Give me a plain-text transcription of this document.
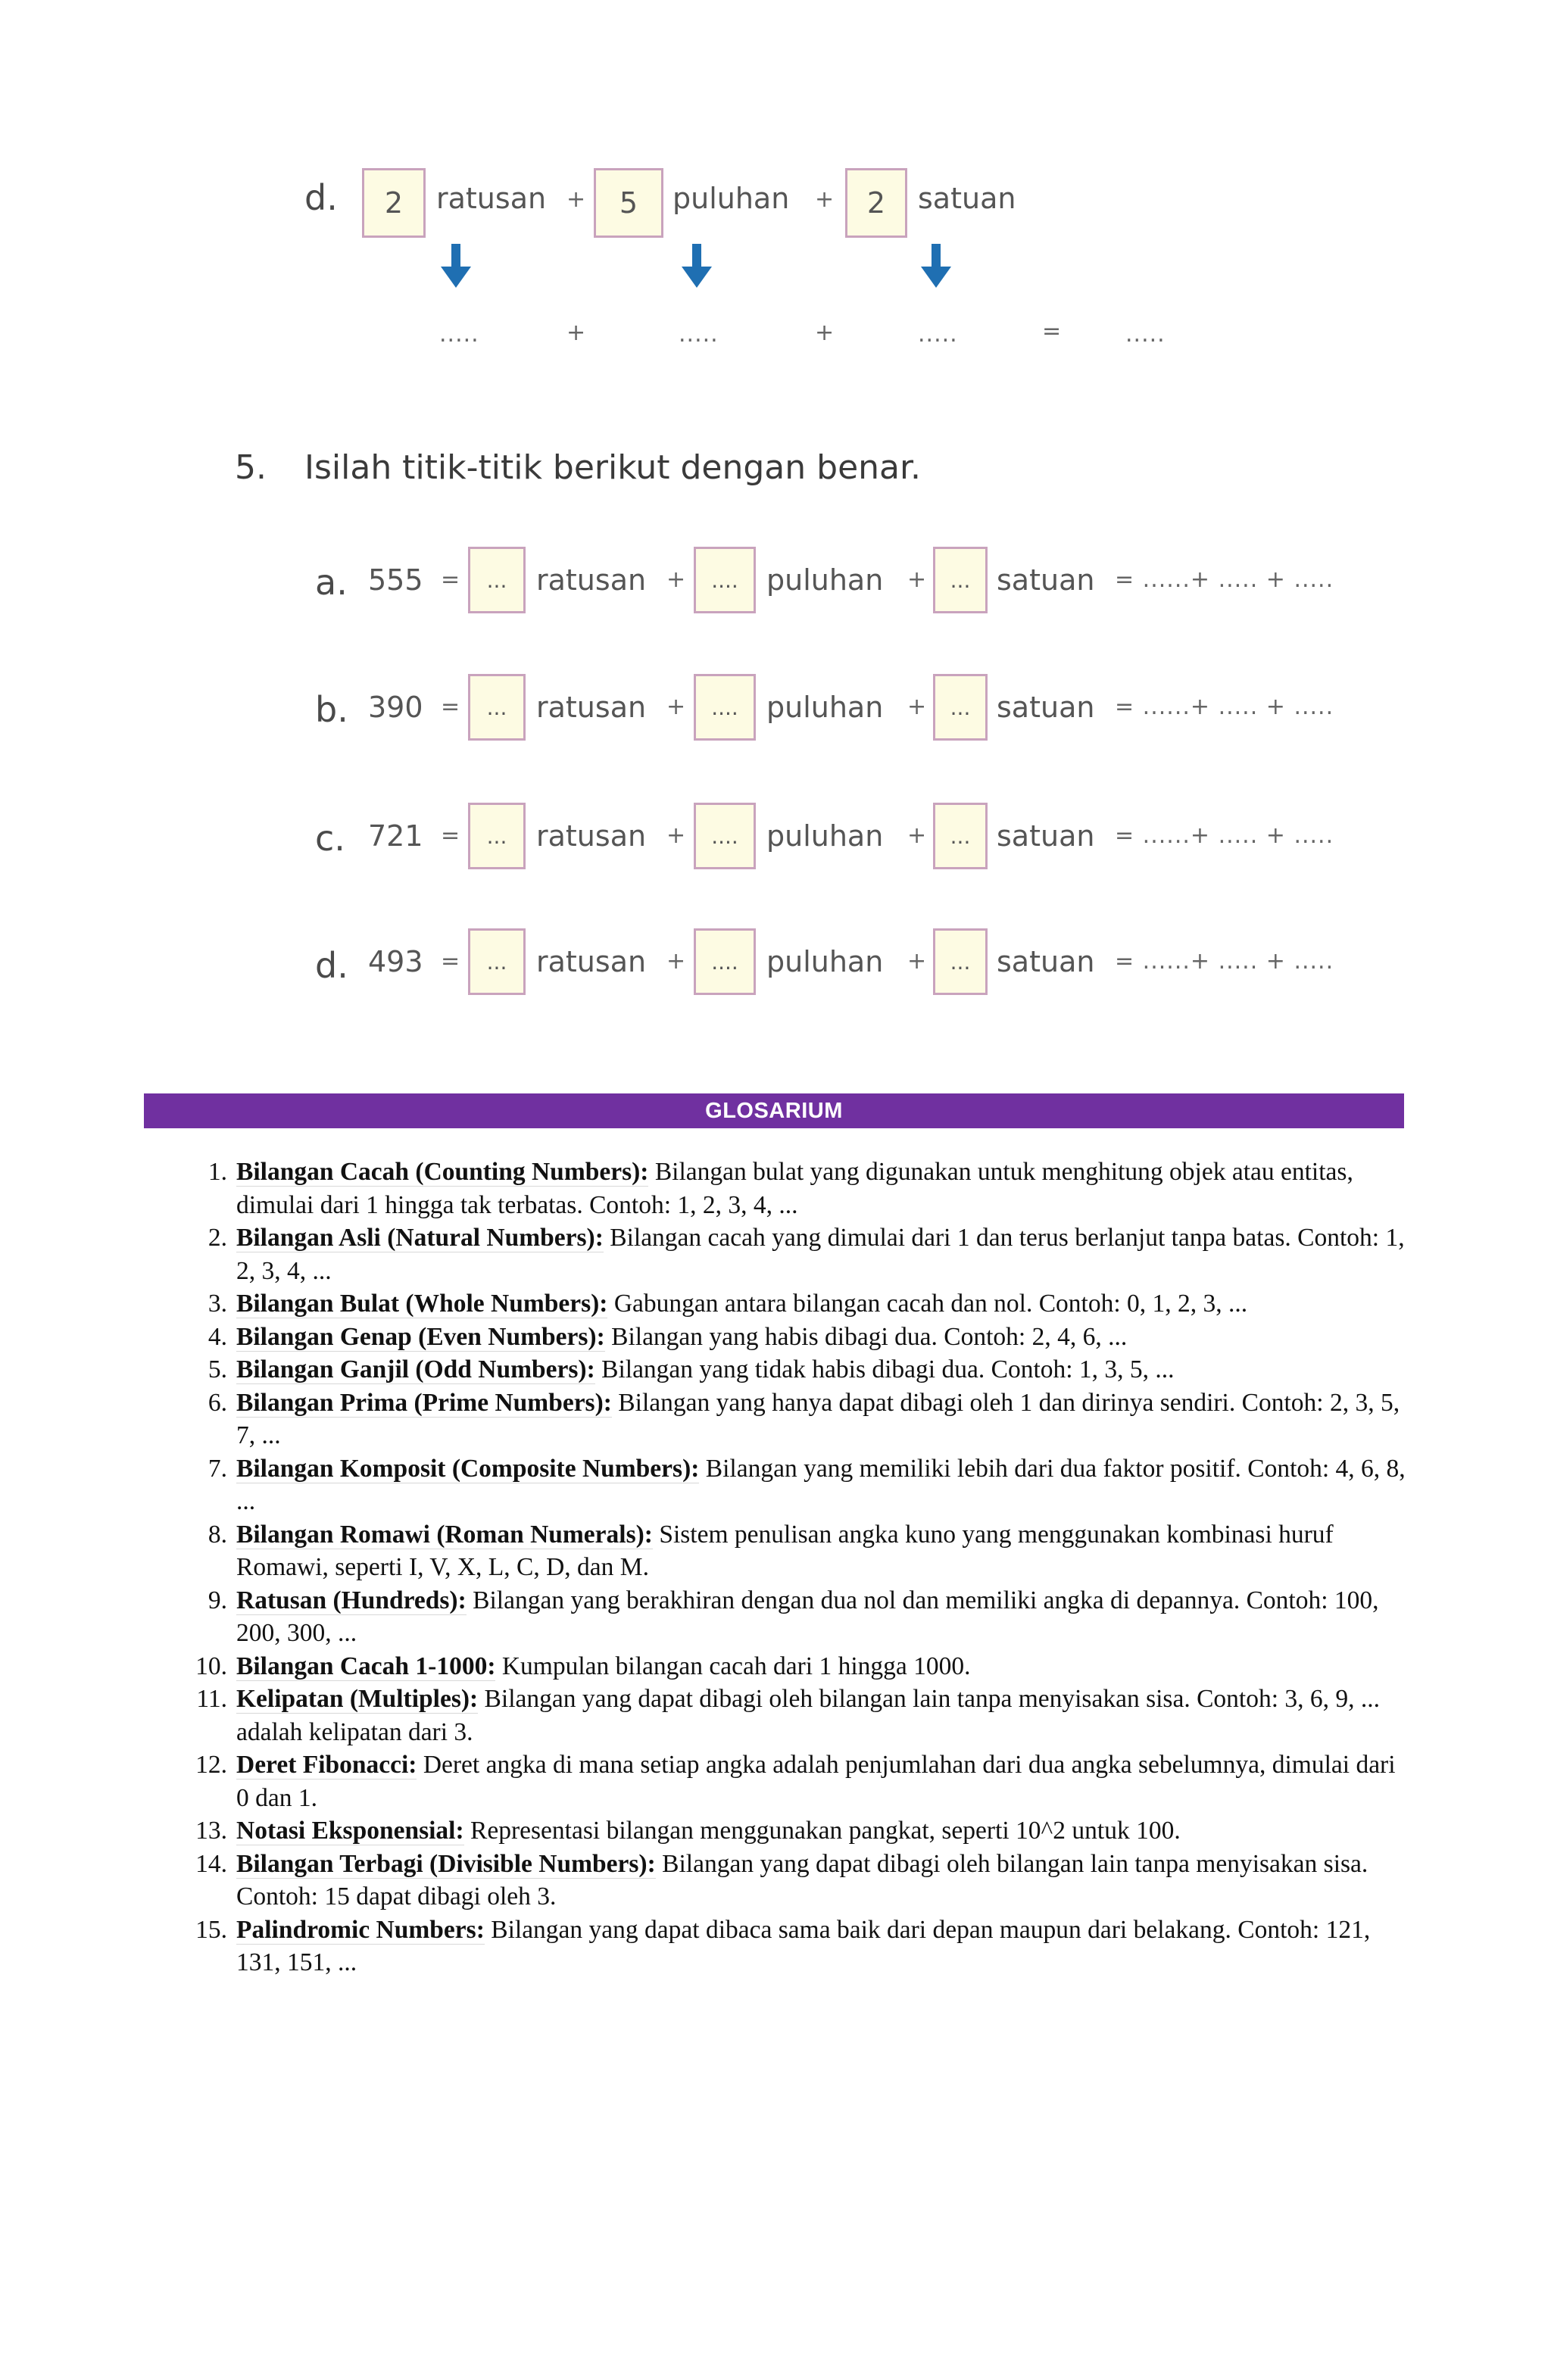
d.	2	ratusan +	5	puluhan +	2	satuan
.....	+	.....	+	.....	=	.....
5. Isilah titik-titik berikut dengan benar.
a. 555 =	...	ratusan +	.... puluhan +	... satuan = ......+ ..... + .....
b. 390 =	...	ratusan +	.... puluhan +	... satuan = ......+ ..... + .....
c. 721 =	...	ratusan +	.... puluhan +	... satuan = ......+ ..... + .....
d. 493 =	...	ratusan +	.... puluhan +	... satuan = ......+ ..... + .....
GLOSARIUM
1. Bilangan Cacah (Counting Numbers): Bilangan bulat yang digunakan untuk menghitung objek atau entitas, dimulai dari 1 hingga tak terbatas. Contoh: 1, 2, 3, 4, ...
2. Bilangan Asli (Natural Numbers): Bilangan cacah yang dimulai dari 1 dan terus berlanjut tanpa batas. Contoh: 1, 2, 3, 4, ...
3. Bilangan Bulat (Whole Numbers): Gabungan antara bilangan cacah dan nol. Contoh: 0, 1, 2, 3, ...
4. Bilangan Genap (Even Numbers): Bilangan yang habis dibagi dua. Contoh: 2, 4, 6, ...
5. Bilangan Ganjil (Odd Numbers): Bilangan yang tidak habis dibagi dua. Contoh: 1, 3, 5, ...
6. Bilangan Prima (Prime Numbers): Bilangan yang hanya dapat dibagi oleh 1 dan dirinya sendiri. Contoh: 2, 3, 5, 7, ...
7. Bilangan Komposit (Composite Numbers): Bilangan yang memiliki lebih dari dua faktor positif. Contoh: 4, 6, 8, ...
8. Bilangan Romawi (Roman Numerals): Sistem penulisan angka kuno yang menggunakan kombinasi huruf Romawi, seperti I, V, X, L, C, D, dan M.
9. Ratusan (Hundreds): Bilangan yang berakhiran dengan dua nol dan memiliki angka di depannya. Contoh: 100, 200, 300, ...
10. Bilangan Cacah 1-1000: Kumpulan bilangan cacah dari 1 hingga 1000.
11. Kelipatan (Multiples): Bilangan yang dapat dibagi oleh bilangan lain tanpa menyisakan sisa. Contoh: 3, 6, 9, ... adalah kelipatan dari 3.
12. Deret Fibonacci: Deret angka di mana setiap angka adalah penjumlahan dari dua angka sebelumnya, dimulai dari 0 dan 1.
13. Notasi Eksponensial: Representasi bilangan menggunakan pangkat, seperti 10^2 untuk 100.
14. Bilangan Terbagi (Divisible Numbers): Bilangan yang dapat dibagi oleh bilangan lain tanpa menyisakan sisa. Contoh: 15 dapat dibagi oleh 3.
15. Palindromic Numbers: Bilangan yang dapat dibaca sama baik dari depan maupun dari belakang. Contoh: 121, 131, 151, ...
